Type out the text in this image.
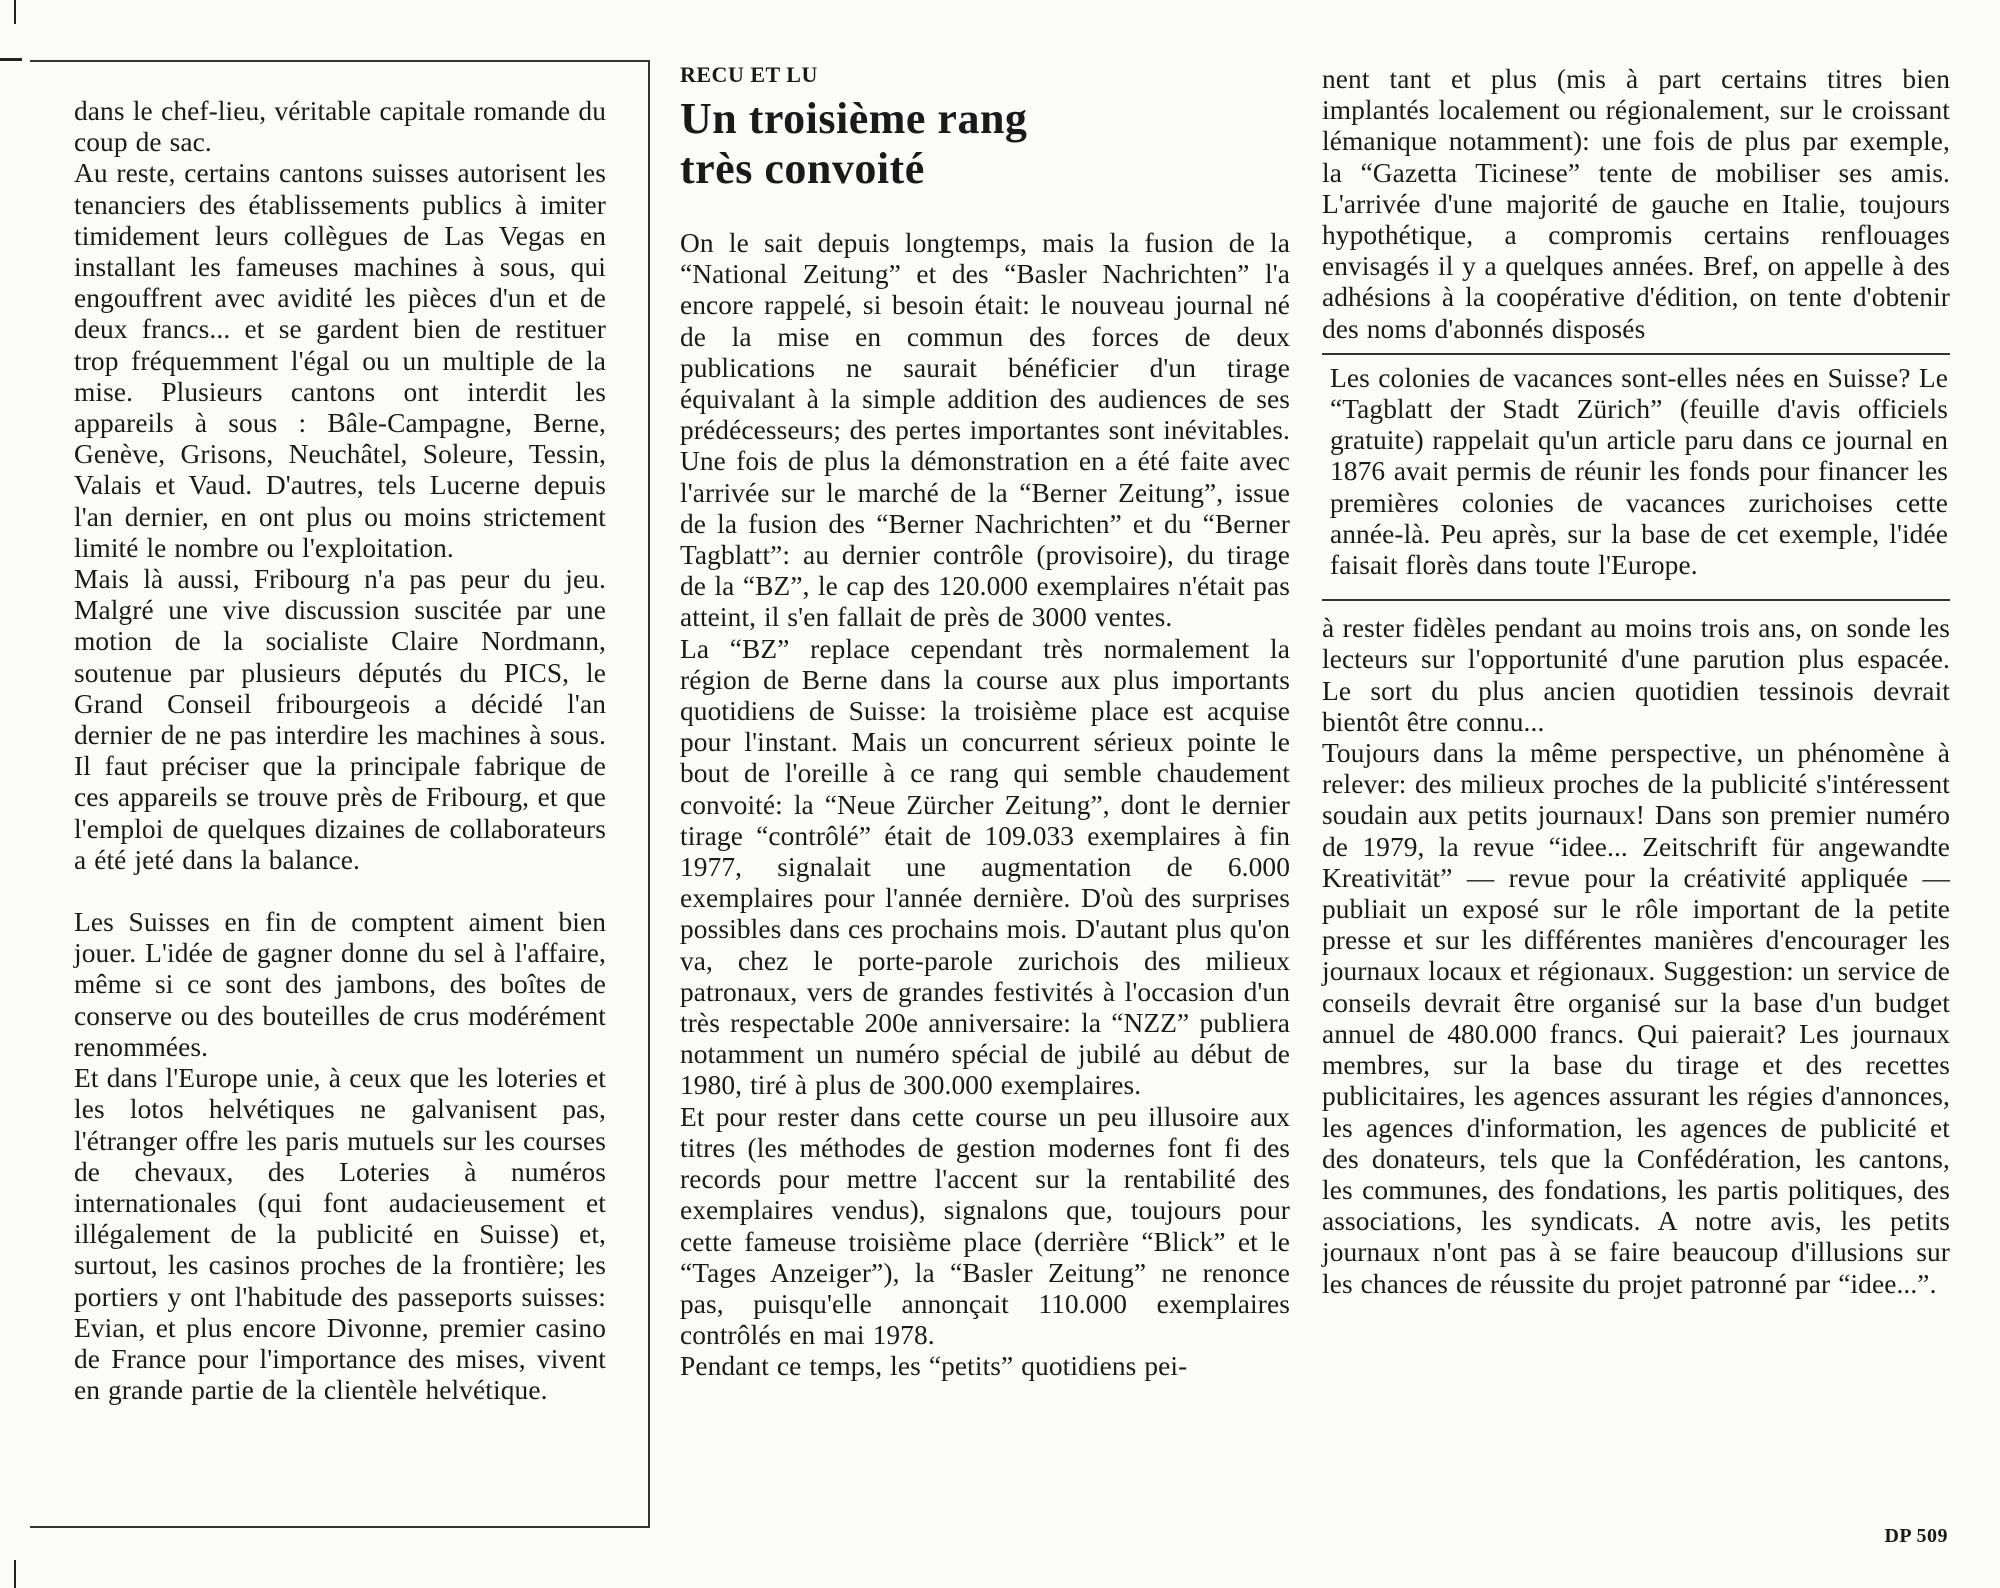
dans le chef-lieu, véritable capitale romande du coup de sac.

Au reste, certains cantons suisses autorisent les tenanciers des établissements publics à imiter timidement leurs collègues de Las Vegas en installant les fameuses machines à sous, qui engouffrent avec avidité les pièces d'un et de deux francs... et se gardent bien de restituer trop fréquemment l'égal ou un multiple de la mise. Plusieurs cantons ont interdit les appareils à sous : Bâle-Campagne, Berne, Genève, Grisons, Neuchâtel, Soleure, Tessin, Valais et Vaud. D'autres, tels Lucerne depuis l'an dernier, en ont plus ou moins strictement limité le nombre ou l'exploitation.

Mais là aussi, Fribourg n'a pas peur du jeu. Malgré une vive discussion suscitée par une motion de la socialiste Claire Nordmann, soutenue par plusieurs députés du PICS, le Grand Conseil fribourgeois a décidé l'an dernier de ne pas interdire les machines à sous. Il faut préciser que la principale fabrique de ces appareils se trouve près de Fribourg, et que l'emploi de quelques dizaines de collaborateurs a été jeté dans la balance.

Les Suisses en fin de comptent aiment bien jouer. L'idée de gagner donne du sel à l'affaire, même si ce sont des jambons, des boîtes de conserve ou des bouteilles de crus modérément renommées.

Et dans l'Europe unie, à ceux que les loteries et les lotos helvétiques ne galvanisent pas, l'étranger offre les paris mutuels sur les courses de chevaux, des Loteries à numéros internationales (qui font audacieusement et illégalement de la publicité en Suisse) et, surtout, les casinos proches de la frontière; les portiers y ont l'habitude des passeports suisses: Evian, et plus encore Divonne, premier casino de France pour l'importance des mises, vivent en grande partie de la clientèle helvétique.

RECU ET LU
Un troisième rang
très convoité

On le sait depuis longtemps, mais la fusion de la “National Zeitung” et des “Basler Nachrichten” l'a encore rappelé, si besoin était: le nouveau journal né de la mise en commun des forces de deux publications ne saurait bénéficier d'un tirage équivalant à la simple addition des audiences de ses prédécesseurs; des pertes importantes sont inévitables. Une fois de plus la démonstration en a été faite avec l'arrivée sur le marché de la “Berner Zeitung”, issue de la fusion des “Berner Nachrichten” et du “Berner Tagblatt”: au dernier contrôle (provisoire), du tirage de la “BZ”, le cap des 120.000 exemplaires n'était pas atteint, il s'en fallait de près de 3000 ventes.

La “BZ” replace cependant très normalement la région de Berne dans la course aux plus importants quotidiens de Suisse: la troisième place est acquise pour l'instant. Mais un concurrent sérieux pointe le bout de l'oreille à ce rang qui semble chaudement convoité: la “Neue Zürcher Zeitung”, dont le dernier tirage “contrôlé” était de 109.033 exemplaires à fin 1977, signalait une augmentation de 6.000 exemplaires pour l'année dernière. D'où des surprises possibles dans ces prochains mois. D'autant plus qu'on va, chez le porte-parole zurichois des milieux patronaux, vers de grandes festivités à l'occasion d'un très respectable 200e anniversaire: la “NZZ” publiera notamment un numéro spécial de jubilé au début de 1980, tiré à plus de 300.000 exemplaires.

Et pour rester dans cette course un peu illusoire aux titres (les méthodes de gestion modernes font fi des records pour mettre l'accent sur la rentabilité des exemplaires vendus), signalons que, toujours pour cette fameuse troisième place (derrière “Blick” et le “Tages Anzeiger”), la “Basler Zeitung” ne renonce pas, puisqu'elle annonçait 110.000 exemplaires contrôlés en mai 1978.

Pendant ce temps, les “petits” quotidiens pei-

nent tant et plus (mis à part certains titres bien implantés localement ou régionalement, sur le croissant lémanique notamment): une fois de plus par exemple, la “Gazetta Ticinese” tente de mobiliser ses amis. L'arrivée d'une majorité de gauche en Italie, toujours hypothétique, a compromis certains renflouages envisagés il y a quelques années. Bref, on appelle à des adhésions à la coopérative d'édition, on tente d'obtenir des noms d'abonnés disposés

Les colonies de vacances sont-elles nées en Suisse? Le “Tagblatt der Stadt Zürich” (feuille d'avis officiels gratuite) rappelait qu'un article paru dans ce journal en 1876 avait permis de réunir les fonds pour financer les premières colonies de vacances zurichoises cette année-là. Peu après, sur la base de cet exemple, l'idée faisait florès dans toute l'Europe.

à rester fidèles pendant au moins trois ans, on sonde les lecteurs sur l'opportunité d'une parution plus espacée. Le sort du plus ancien quotidien tessinois devrait bientôt être connu...

Toujours dans la même perspective, un phénomène à relever: des milieux proches de la publicité s'intéressent soudain aux petits journaux! Dans son premier numéro de 1979, la revue “idee... Zeitschrift für angewandte Kreativität” — revue pour la créativité appliquée — publiait un exposé sur le rôle important de la petite presse et sur les différentes manières d'encourager les journaux locaux et régionaux. Suggestion: un service de conseils devrait être organisé sur la base d'un budget annuel de 480.000 francs. Qui paierait? Les journaux membres, sur la base du tirage et des recettes publicitaires, les agences assurant les régies d'annonces, les agences d'information, les agences de publicité et des donateurs, tels que la Confédération, les cantons, les communes, des fondations, les partis politiques, des associations, les syndicats. A notre avis, les petits journaux n'ont pas à se faire beaucoup d'illusions sur les chances de réussite du projet patronné par “idee...”.

DP 509
